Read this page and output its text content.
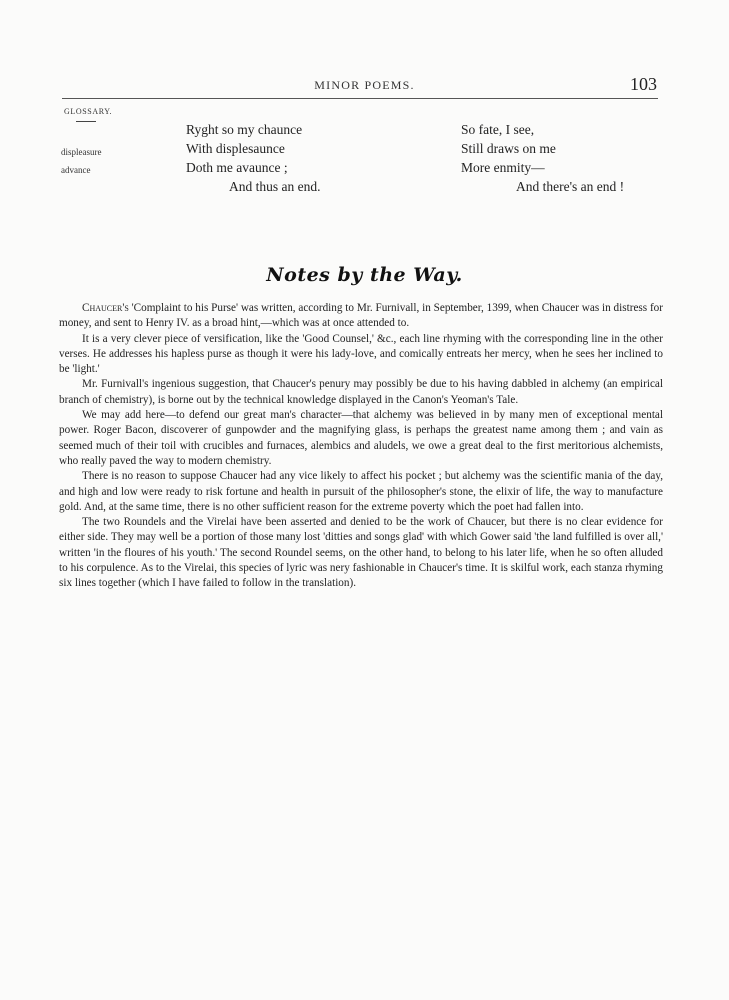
MINOR POEMS.	103
GLOSSARY.
displeasure
advance
Ryght so my chaunce
With displesaunce
Doth me avaunce ;
And thus an end.
So fate, I see,
Still draws on me
More enmity—
And there's an end !
Notes by the Way.

Chaucer's 'Complaint to his Purse' was written, according to Mr. Furnivall, in September, 1399, when Chaucer was in distress for money, and sent to Henry IV. as a broad hint,—which was at once attended to.

It is a very clever piece of versification, like the 'Good Counsel,' &c., each line rhyming with the corresponding line in the other verses. He addresses his hapless purse as though it were his lady-love, and comically entreats her mercy, when he sees her inclined to be 'light.'

Mr. Furnivall's ingenious suggestion, that Chaucer's penury may possibly be due to his having dabbled in alchemy (an empirical branch of chemistry), is borne out by the technical knowledge displayed in the Canon's Yeoman's Tale.

We may add here—to defend our great man's character—that alchemy was believed in by many men of exceptional mental power. Roger Bacon, discoverer of gunpowder and the magnifying glass, is perhaps the greatest name among them ; and vain as seemed much of their toil with crucibles and furnaces, alembics and aludels, we owe a great deal to the first meritorious alchemists, who really paved the way to modern chemistry.

There is no reason to suppose Chaucer had any vice likely to affect his pocket ; but alchemy was the scientific mania of the day, and high and low were ready to risk fortune and health in pursuit of the philosopher's stone, the elixir of life, the way to manufacture gold. And, at the same time, there is no other sufficient reason for the extreme poverty which the poet had fallen into.

The two Roundels and the Virelai have been asserted and denied to be the work of Chaucer, but there is no clear evidence for either side. They may well be a portion of those many lost 'ditties and songs glad' with which Gower said 'the land fulfilled is over all,' written 'in the floures of his youth.' The second Roundel seems, on the other hand, to belong to his later life, when he so often alluded to his corpulence. As to the Virelai, this species of lyric was nery fashionable in Chaucer's time. It is skilful work, each stanza rhyming six lines together (which I have failed to follow in the translation).
